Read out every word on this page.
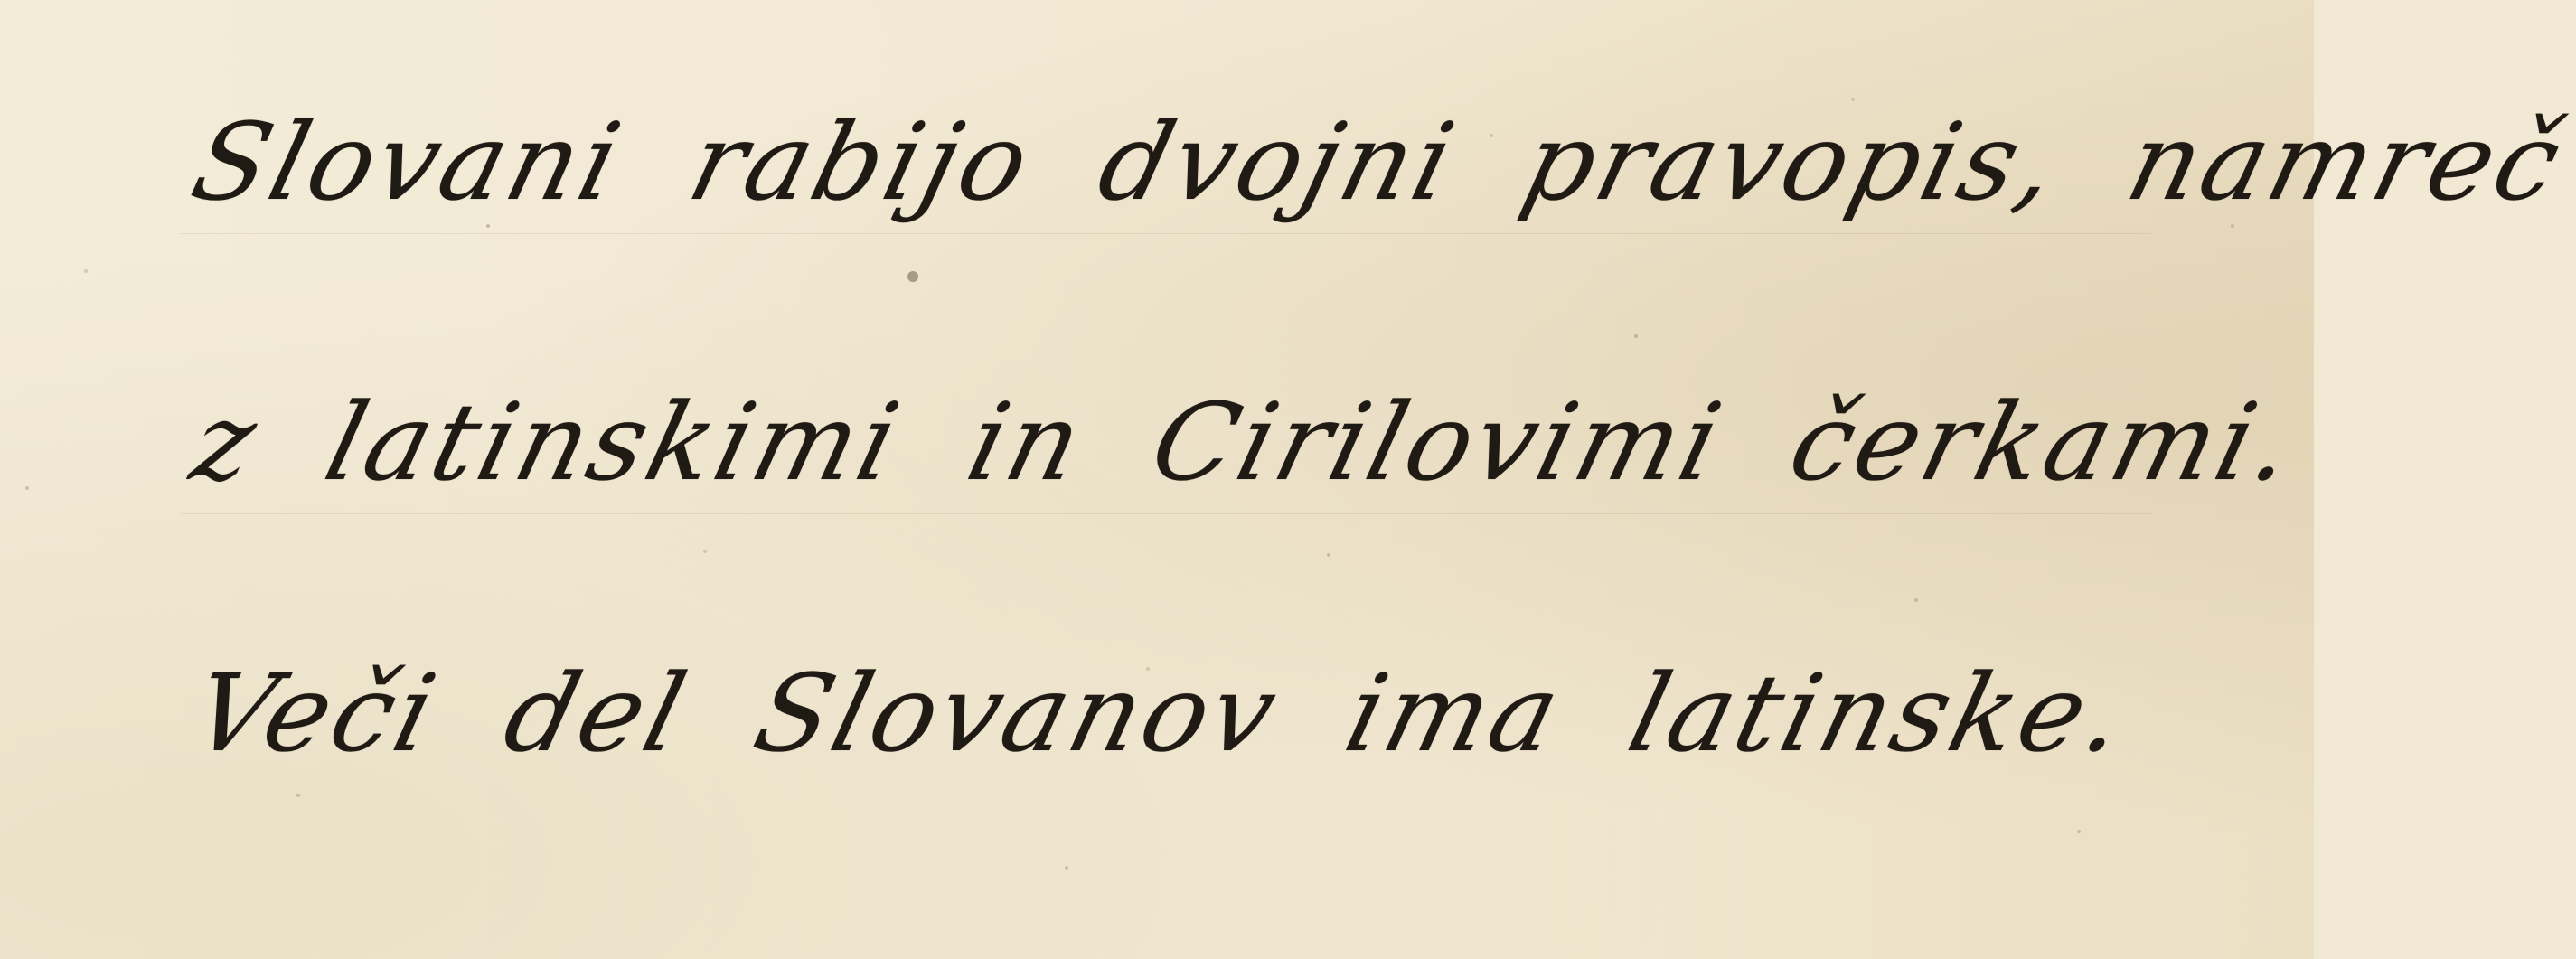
Slovani rabijo dvojni pravopis, namreč

z latinskimi in Cirilovimi čerkami.

Veči del Slovanov ima latinske.
